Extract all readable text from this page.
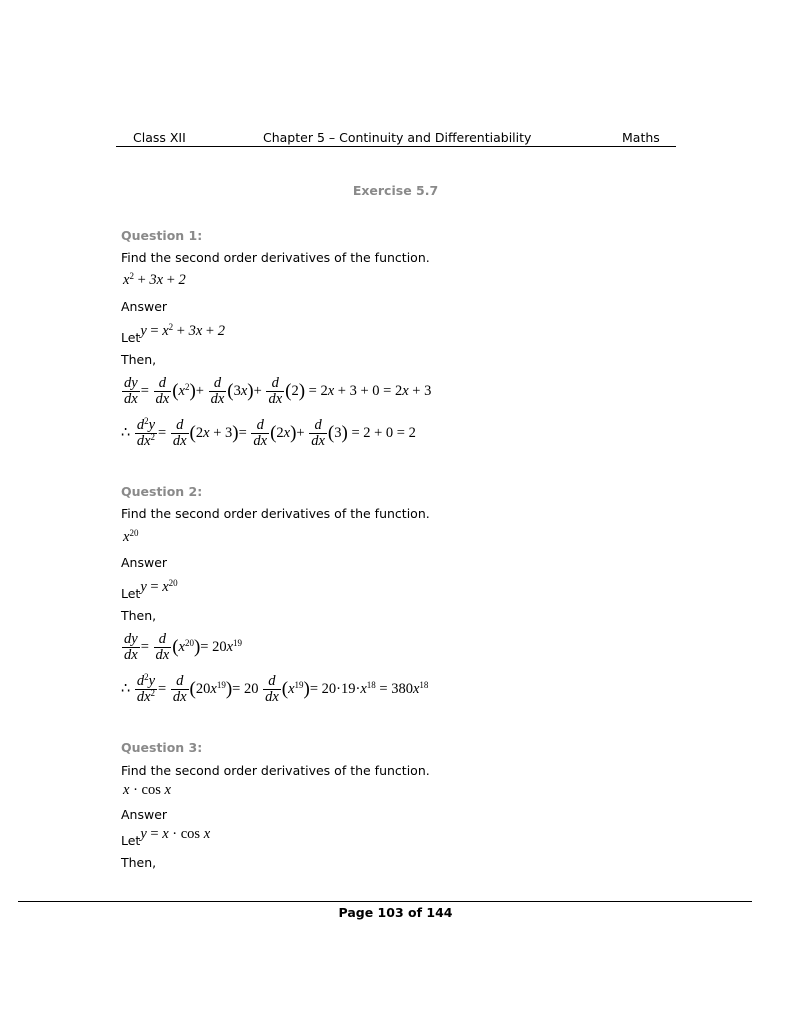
Class XII	Chapter 5 – Continuity and Differentiability	Maths
Exercise 5.7
Question 1:
Find the second order derivatives of the function.
$x^2 + 3x + 2$
Answer
Lety = $x^2 + 3x + 2$
Then,
$\frac{dy}{dx} = \frac{d}{dx} (x^2)+ \frac{d}{dx} (3x)+ \frac{d}{dx} (2) = 2x + 3 + 0 = 2x + 3$
∴ $\frac{d^2y}{dx^2} = \frac{d}{dx} (2x + 3)= \frac{d}{dx} (2x)+ \frac{d}{dx} (3) = 2 + 0 = 2$
Question 2:
Find the second order derivatives of the function.
$x^{20}$
Answer
Lety = $x^{20}$
Then,
$\frac{dy}{dx} = \frac{d}{dx} (x^{20})= 20x^{19}$
∴ $\frac{d^2y}{dx^2} = \frac{d}{dx} (20x^{19})= 20 \frac{d}{dx} (x^{19})= 20\cdot 19\cdot x^{18} = 380x^{18}$
Question 3:
Find the second order derivatives of the function.
x · cos x
Answer
Lety = x · cos x
Then,
Page 103 of 144
